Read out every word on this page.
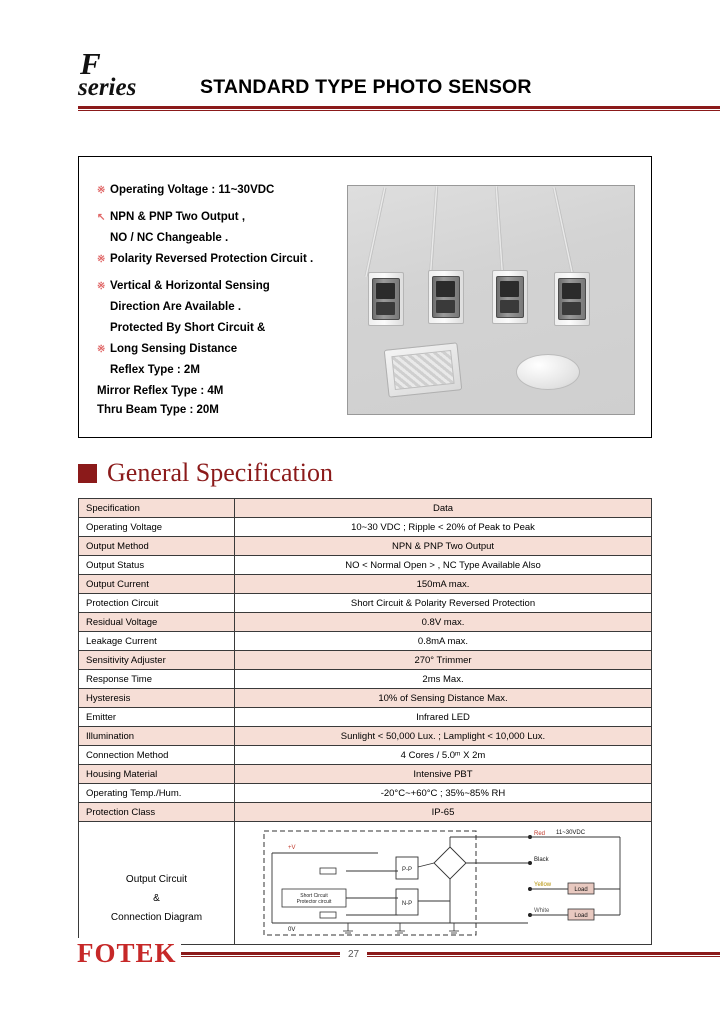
F
series	STANDARD TYPE PHOTO SENSOR
※ Operating Voltage : 11~30VDC
↖ NPN & PNP Two Output ,
NO / NC Changeable .
※ Polarity Reversed Protection Circuit .
※ Vertical & Horizontal Sensing
Direction Are Available .
Protected By Short Circuit &
※ Long Sensing Distance
Reflex Type : 2M
Mirror Reflex Type : 4M
Thru Beam Type : 20M
General Specification
Specification	Data
Operating Voltage	10~30 VDC ; Ripple < 20% of Peak to Peak
Output Method	NPN & PNP Two Output
Output Status	NO < Normal Open > , NC Type Available Also
Output Current	150mA max.
Protection Circuit	Short Circuit & Polarity Reversed Protection
Residual Voltage	0.8V max.
Leakage Current	0.8mA max.
Sensitivity Adjuster	270° Trimmer
Response Time	2ms Max.
Hysteresis	10% of Sensing Distance Max.
Emitter	Infrared LED
Illumination	Sunlight < 50,000 Lux. ; Lamplight < 10,000 Lux.
Connection Method	4 Cores / 5.0ᵐ X 2m
Housing Material	Intensive PBT
Operating Temp./Hum.	-20°C~+60°C ; 35%~85% RH
Protection Class	IP-65

Output Circuit
&
Connection Diagram

Short Circuit
Protector circuit
P-P
N-P
Load
Load
11~30VDC
Red
Black
Yellow
White
+V
0V
FOTEK	27
